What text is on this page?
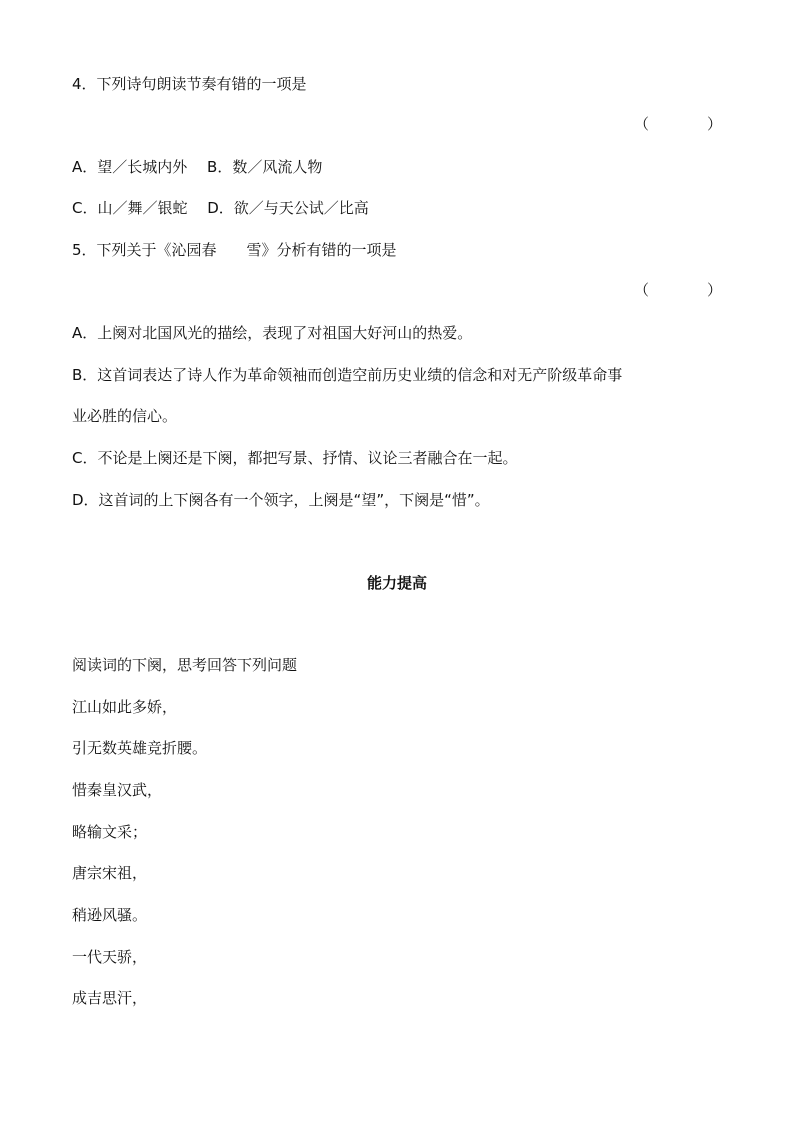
4．下列诗句朗读节奏有错的一项是
（	）
A．望／长城内外　 B．数／风流人物
C．山／舞／银蛇　 D．欲／与天公试／比高
5．下列关于《沁园春　　雪》分析有错的一项是
（	）
A．上阕对北国风光的描绘，表现了对祖国大好河山的热爱。
B．这首词表达了诗人作为革命领袖而创造空前历史业绩的信念和对无产阶级革命事
业必胜的信心。
C．不论是上阕还是下阕，都把写景、抒情、议论三者融合在一起。
D．这首词的上下阕各有一个领字，上阕是“望”，下阕是“惜”。
能力提高
阅读词的下阕，思考回答下列问题
江山如此多娇，
引无数英雄竞折腰。
惜秦皇汉武，
略输文采；
唐宗宋祖，
稍逊风骚。
一代天骄，
成吉思汗，
